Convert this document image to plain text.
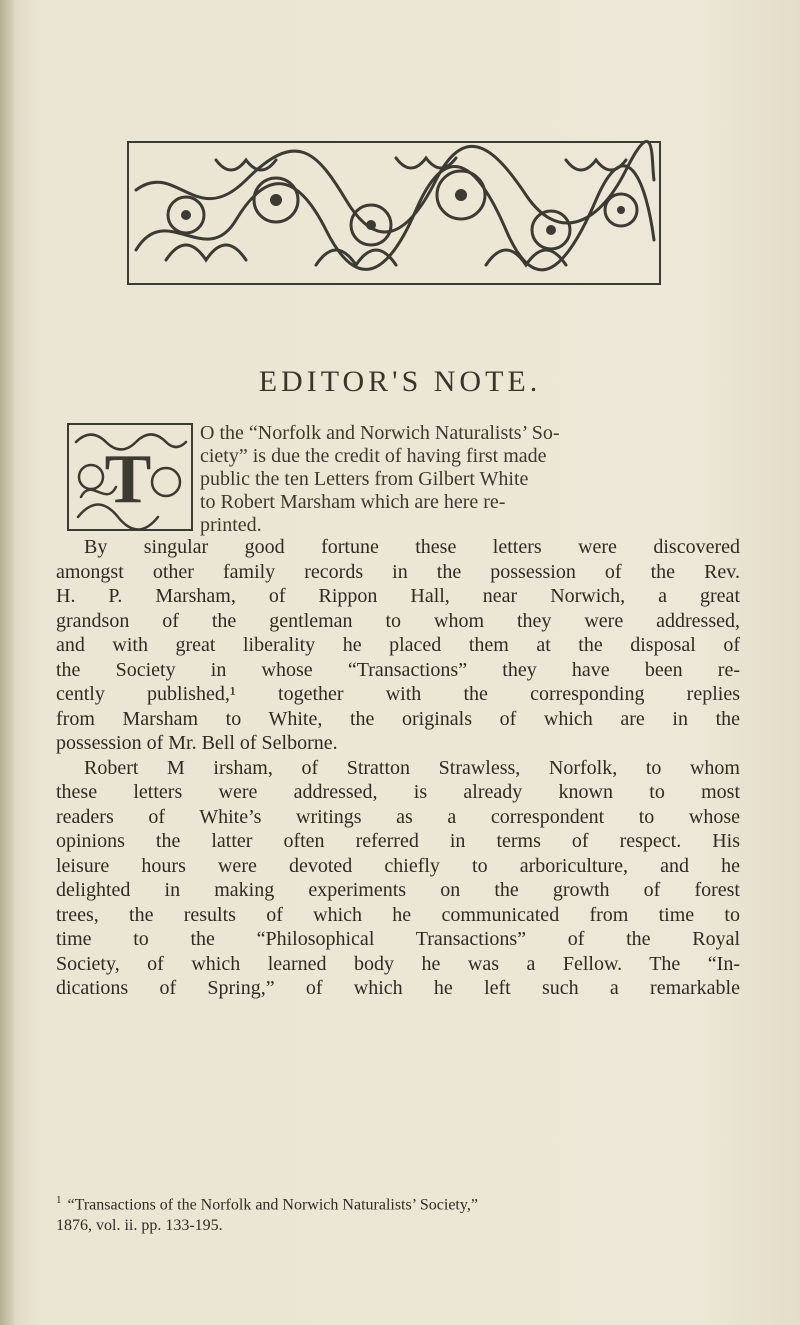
EDITOR'S NOTE.
T
O the “Norfolk and Norwich Naturalists’ So-
ciety” is due the credit of having first made
public the ten Letters from Gilbert White
to Robert Marsham which are here re-
printed.
By singular good fortune these letters were discovered
amongst other family records in the possession of the Rev.
H. P. Marsham, of Rippon Hall, near Norwich, a great
grandson of the gentleman to whom they were addressed,
and with great liberality he placed them at the disposal of
the Society in whose “Transactions” they have been re-
cently published,¹ together with the corresponding replies
from Marsham to White, the originals of which are in the
possession of Mr. Bell of Selborne.
Robert M irsham, of Stratton Strawless, Norfolk, to whom
these letters were addressed, is already known to most
readers of White’s writings as a correspondent to whose
opinions the latter often referred in terms of respect. His
leisure hours were devoted chiefly to arboriculture, and he
delighted in making experiments on the growth of forest
trees, the results of which he communicated from time to
time to the “Philosophical Transactions” of the Royal
Society, of which learned body he was a Fellow. The “In-
dications of Spring,” of which he left such a remarkable
$^1$ “Transactions of the Norfolk and Norwich Naturalists’ Society,”
1876, vol. ii. pp. 133-195.
